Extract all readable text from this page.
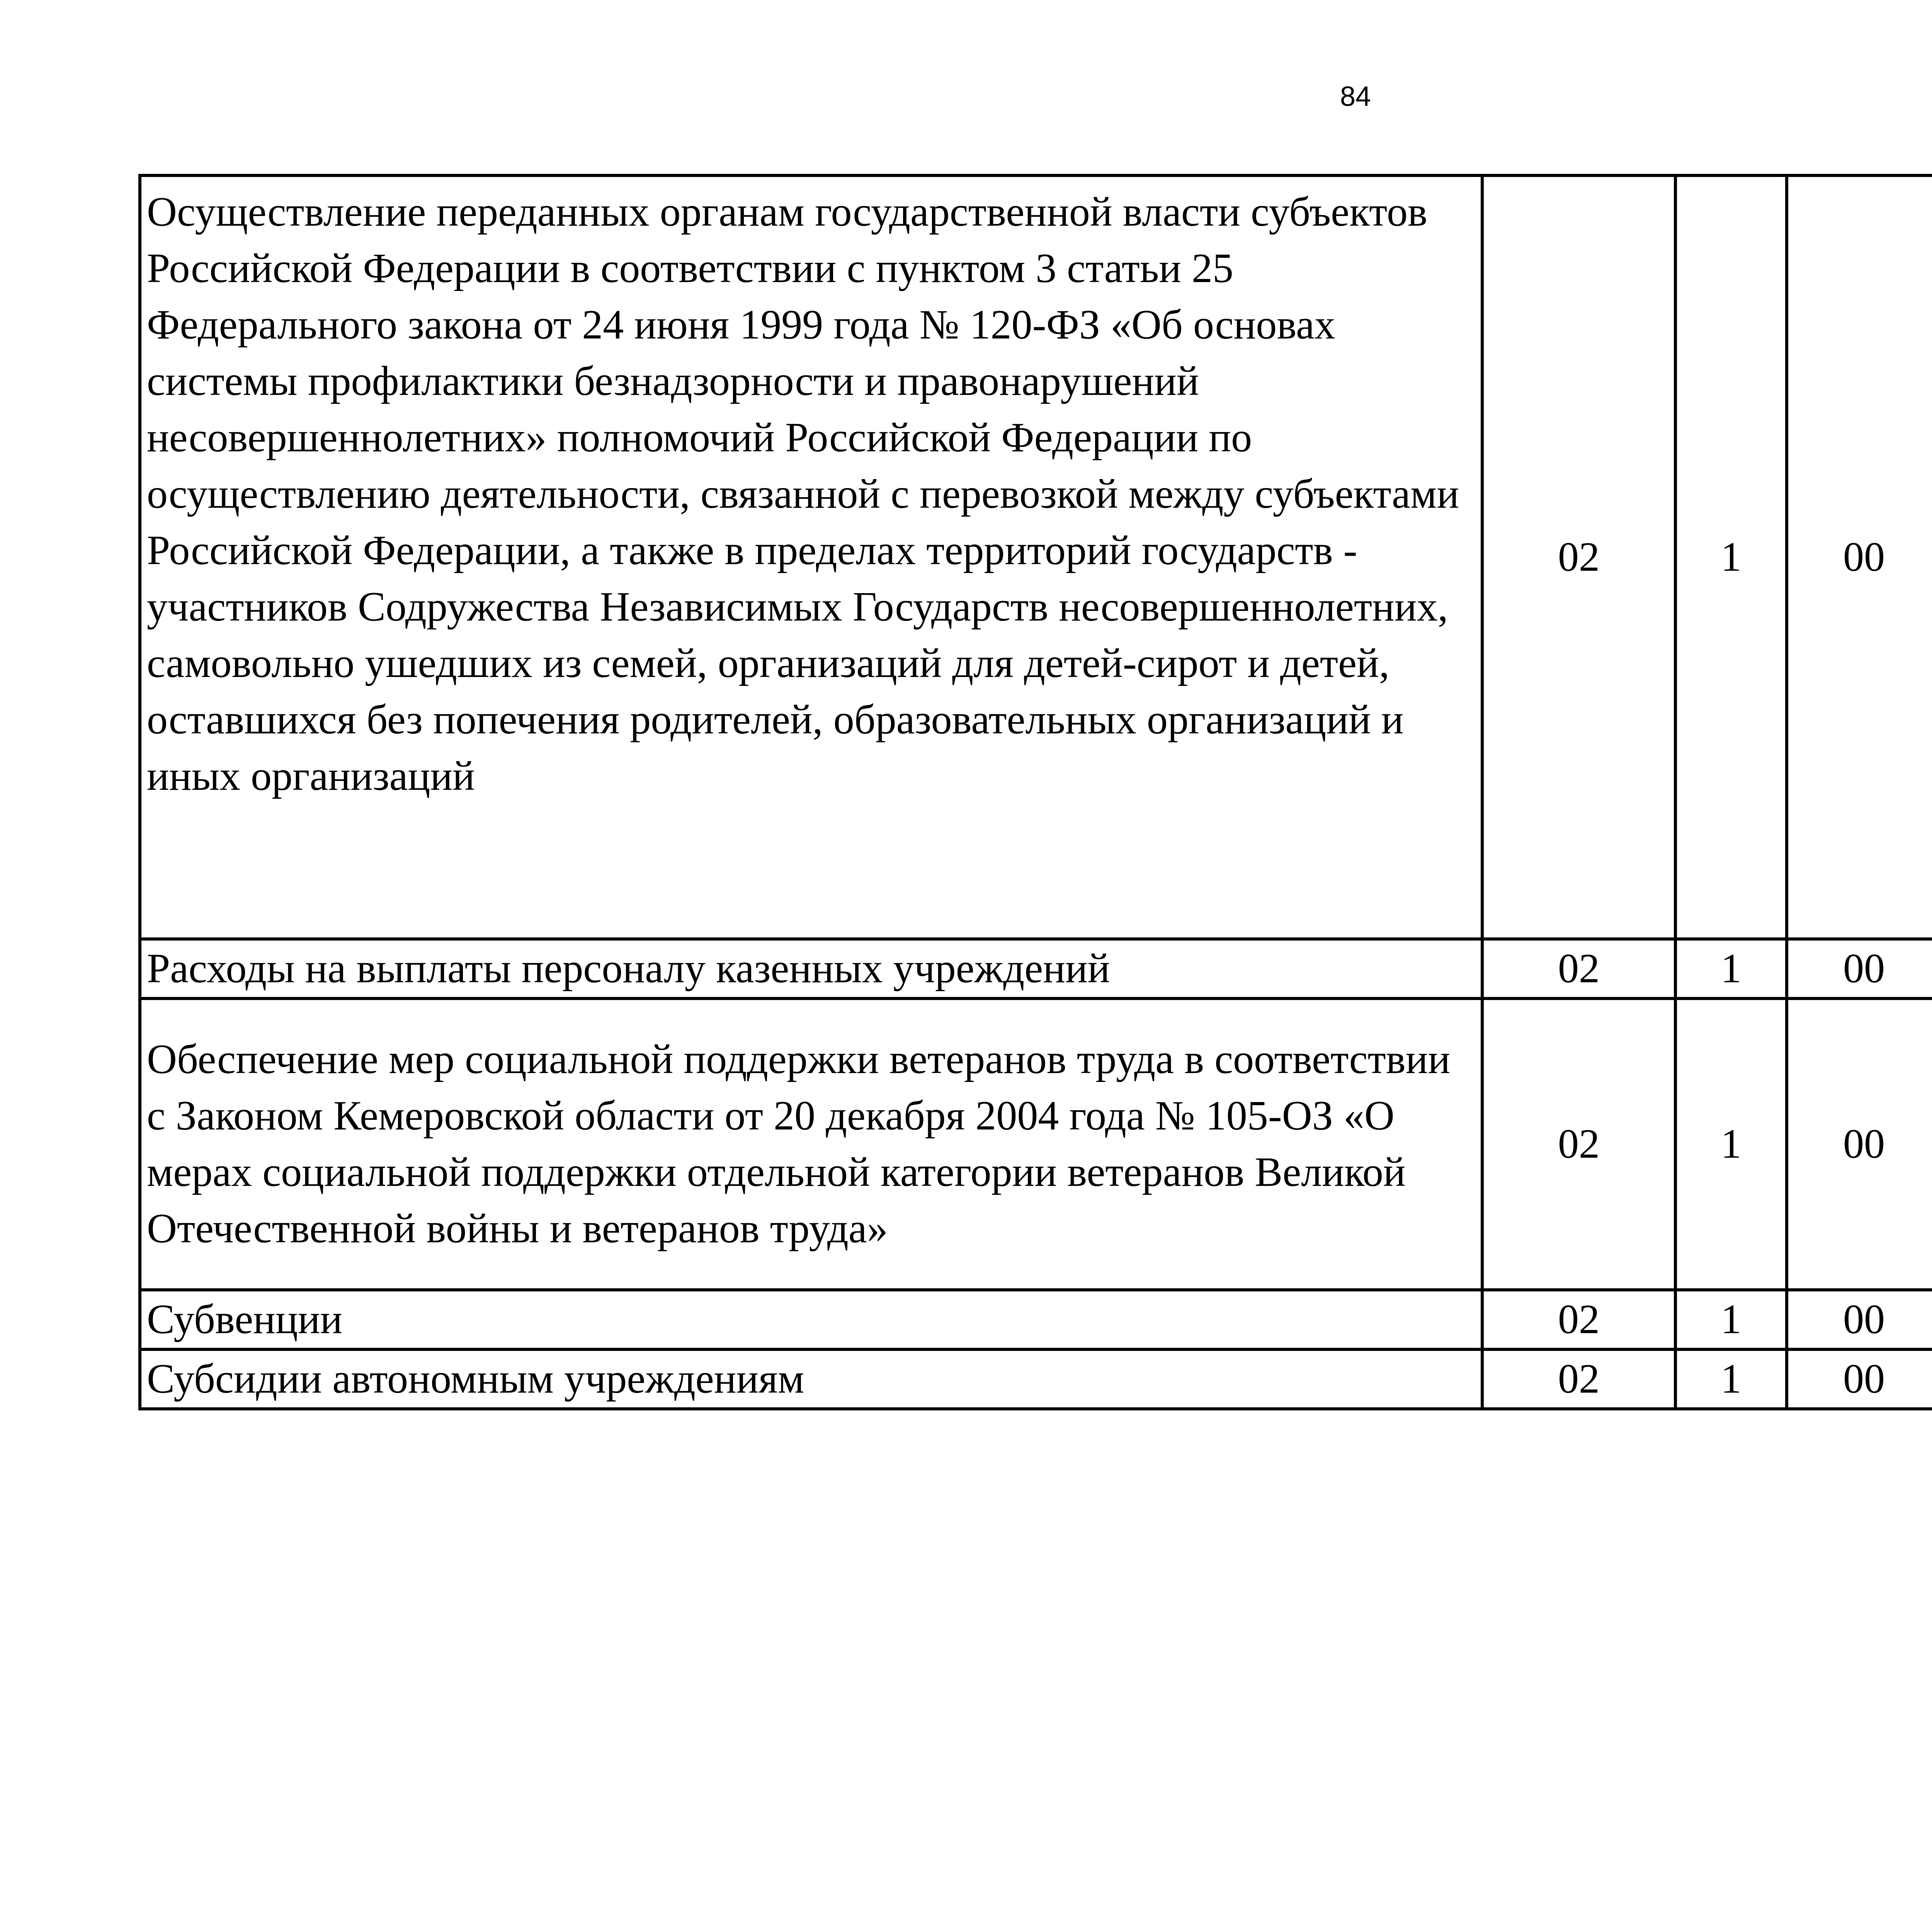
84
Осуществление переданных органам государственной власти субъектов Российской Федерации в соответствии с пунктом 3 статьи 25 Федерального закона от 24 июня 1999 года № 120-ФЗ «Об основах системы профилактики безнадзорности и правонарушений несовершеннолетних» полномочий Российской Федерации по осуществлению деятельности, связанной с перевозкой между субъектами Российской Федерации, а также в пределах территорий государств - участников Содружества Независимых Государств несовершеннолетних, самовольно ушедших из семей, организаций для детей-сирот и детей, оставшихся без попечения родителей, образовательных организаций и иных организаций	02	1	00			
Расходы на выплаты персоналу казенных учреждений	02	1	00			
Обеспечение мер социальной поддержки ветеранов труда в соответствии с Законом Кемеровской области от 20 декабря 2004 года № 105-ОЗ «О мерах социальной поддержки отдельной категории ветеранов Великой Отечественной войны и ветеранов труда»	02	1	00			
Субвенции	02	1	00			
Субсидии автономным учреждениям	02	1	00			
